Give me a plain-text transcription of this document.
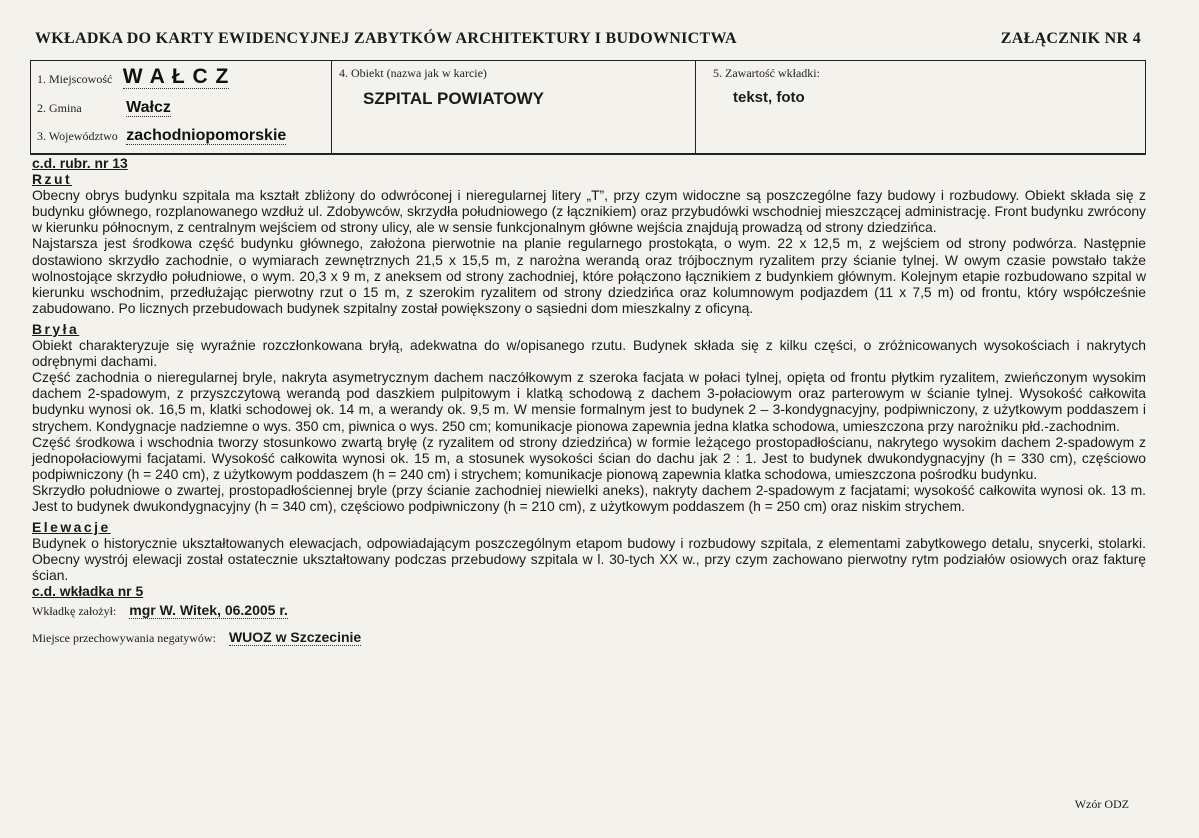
WKŁADKA DO KARTY EWIDENCYJNEJ ZABYTKÓW ARCHITEKTURY I BUDOWNICTWA	ZAŁĄCZNIK NR 4
1. Miejscowość W A Ł C Z
2. Gmina	Wałcz
3. Województwo zachodniopomorskie
4. Obiekt (nazwa jak w karcie)
SZPITAL POWIATOWY
5. Zawartość wkładki:
tekst, foto

c.d. rubr. nr 13

Rzut

Obecny obrys budynku szpitala ma kształt zbliżony do odwróconej i nieregularnej litery „T”, przy czym widoczne są poszczególne fazy budowy i rozbudowy. Obiekt składa się z budynku głównego, rozplanowanego wzdłuż ul. Zdobywców, skrzydła południowego (z łącznikiem) oraz przybudówki wschodniej mieszczącej administrację. Front budynku zwrócony w kierunku północnym, z centralnym wejściem od strony ulicy, ale w sensie funkcjonalnym główne wejścia znajdują prowadzą od strony dziedzińca.

Najstarsza jest środkowa część budynku głównego, założona pierwotnie na planie regularnego prostokąta, o wym. 22 x 12,5 m, z wejściem od strony podwórza. Następnie dostawiono skrzydło zachodnie, o wymiarach zewnętrznych 21,5 x 15,5 m, z narożna werandą oraz trójbocznym ryzalitem przy ścianie tylnej. W owym czasie powstało także wolnostojące skrzydło południowe, o wym. 20,3 x 9 m, z aneksem od strony zachodniej, które połączono łącznikiem z budynkiem głównym. Kolejnym etapie rozbudowano szpital w kierunku wschodnim, przedłużając pierwotny rzut o 15 m, z szerokim ryzalitem od strony dziedzińca oraz kolumnowym podjazdem (11 x 7,5 m) od frontu, który współcześnie zabudowano. Po licznych przebudowach budynek szpitalny został powiększony o sąsiedni dom mieszkalny z oficyną.

Bryła

Obiekt charakteryzuje się wyraźnie rozczłonkowana bryłą, adekwatna do w/opisanego rzutu. Budynek składa się z kilku części, o zróżnicowanych wysokościach i nakrytych odrębnymi dachami.

Część zachodnia o nieregularnej bryle, nakryta asymetrycznym dachem naczółkowym z szeroka facjata w połaci tylnej, opięta od frontu płytkim ryzalitem, zwieńczonym wysokim dachem 2-spadowym, z przyszczytową werandą pod daszkiem pulpitowym i klatką schodową z dachem 3-połaciowym oraz parterowym w ścianie tylnej. Wysokość całkowita budynku wynosi ok. 16,5 m, klatki schodowej ok. 14 m, a werandy ok. 9,5 m. W mensie formalnym jest to budynek 2 – 3-kondygnacyjny, podpiwniczony, z użytkowym poddaszem i strychem. Kondygnacje nadziemne o wys. 350 cm, piwnica o wys. 250 cm; komunikacje pionowa zapewnia jedna klatka schodowa, umieszczona przy narożniku płd.-zachodnim.

Część środkowa i wschodnia tworzy stosunkowo zwartą bryłę (z ryzalitem od strony dziedzińca) w formie leżącego prostopadłościanu, nakrytego wysokim dachem 2-spadowym z jednopołaciowymi facjatami. Wysokość całkowita wynosi ok. 15 m, a stosunek wysokości ścian do dachu jak 2 : 1. Jest to budynek dwukondygnacyjny (h = 330 cm), częściowo podpiwniczony (h = 240 cm), z użytkowym poddaszem (h = 240 cm) i strychem; komunikacje pionową zapewnia klatka schodowa, umieszczona pośrodku budynku.

Skrzydło południowe o zwartej, prostopadłościennej bryle (przy ścianie zachodniej niewielki aneks), nakryty dachem 2-spadowym z facjatami; wysokość całkowita wynosi ok. 13 m. Jest to budynek dwukondygnacyjny (h = 340 cm), częściowo podpiwniczony (h = 210 cm), z użytkowym poddaszem (h = 250 cm) oraz niskim strychem.

Elewacje

Budynek o historycznie ukształtowanych elewacjach, odpowiadającym poszczególnym etapom budowy i rozbudowy szpitala, z elementami zabytkowego detalu, snycerki, stolarki. Obecny wystrój elewacji został ostatecznie ukształtowany podczas przebudowy szpitala w l. 30-tych XX w., przy czym zachowano pierwotny rytm podziałów osiowych oraz fakturę ścian.

c.d. wkładka nr 5

Wkładkę założył: mgr W. Witek, 06.2005 r.
Miejsce przechowywania negatywów: WUOZ w Szczecinie
Wzór ODZ
